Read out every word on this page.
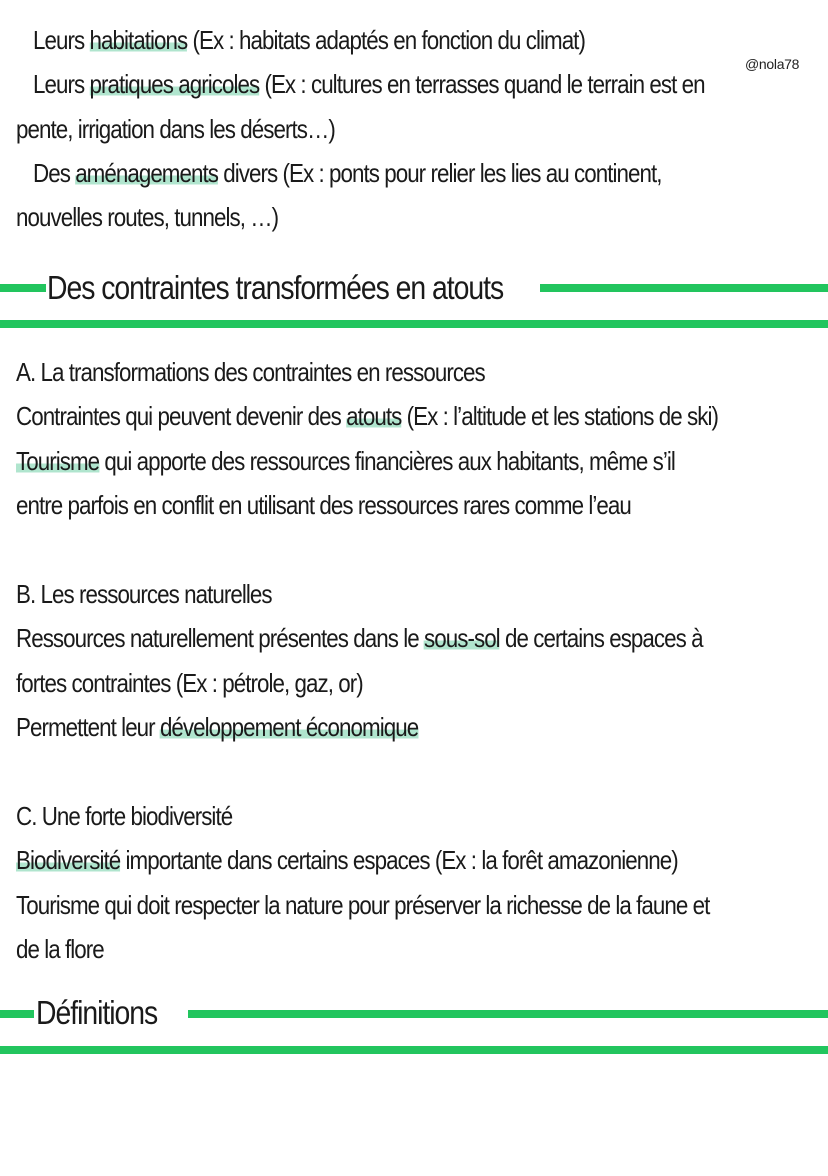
@nola78
Leurs habitations (Ex : habitats adaptés en fonction du climat)
Leurs pratiques agricoles (Ex : cultures en terrasses quand le terrain est en
pente, irrigation dans les déserts…)
Des aménagements divers (Ex : ponts pour relier les lies au continent,
nouvelles routes, tunnels, …)
Des contraintes transformées en atouts
A. La transformations des contraintes en ressources
Contraintes qui peuvent devenir des atouts (Ex : l’altitude et les stations de ski)
Tourisme qui apporte des ressources financières aux habitants, même s’il
entre parfois en conflit en utilisant des ressources rares comme l’eau
B. Les ressources naturelles
Ressources naturellement présentes dans le sous-sol de certains espaces à
fortes contraintes (Ex : pétrole, gaz, or)
Permettent leur développement économique
C. Une forte biodiversité
Biodiversité importante dans certains espaces (Ex : la forêt amazonienne)
Tourisme qui doit respecter la nature pour préserver la richesse de la faune et
de la flore
Définitions
